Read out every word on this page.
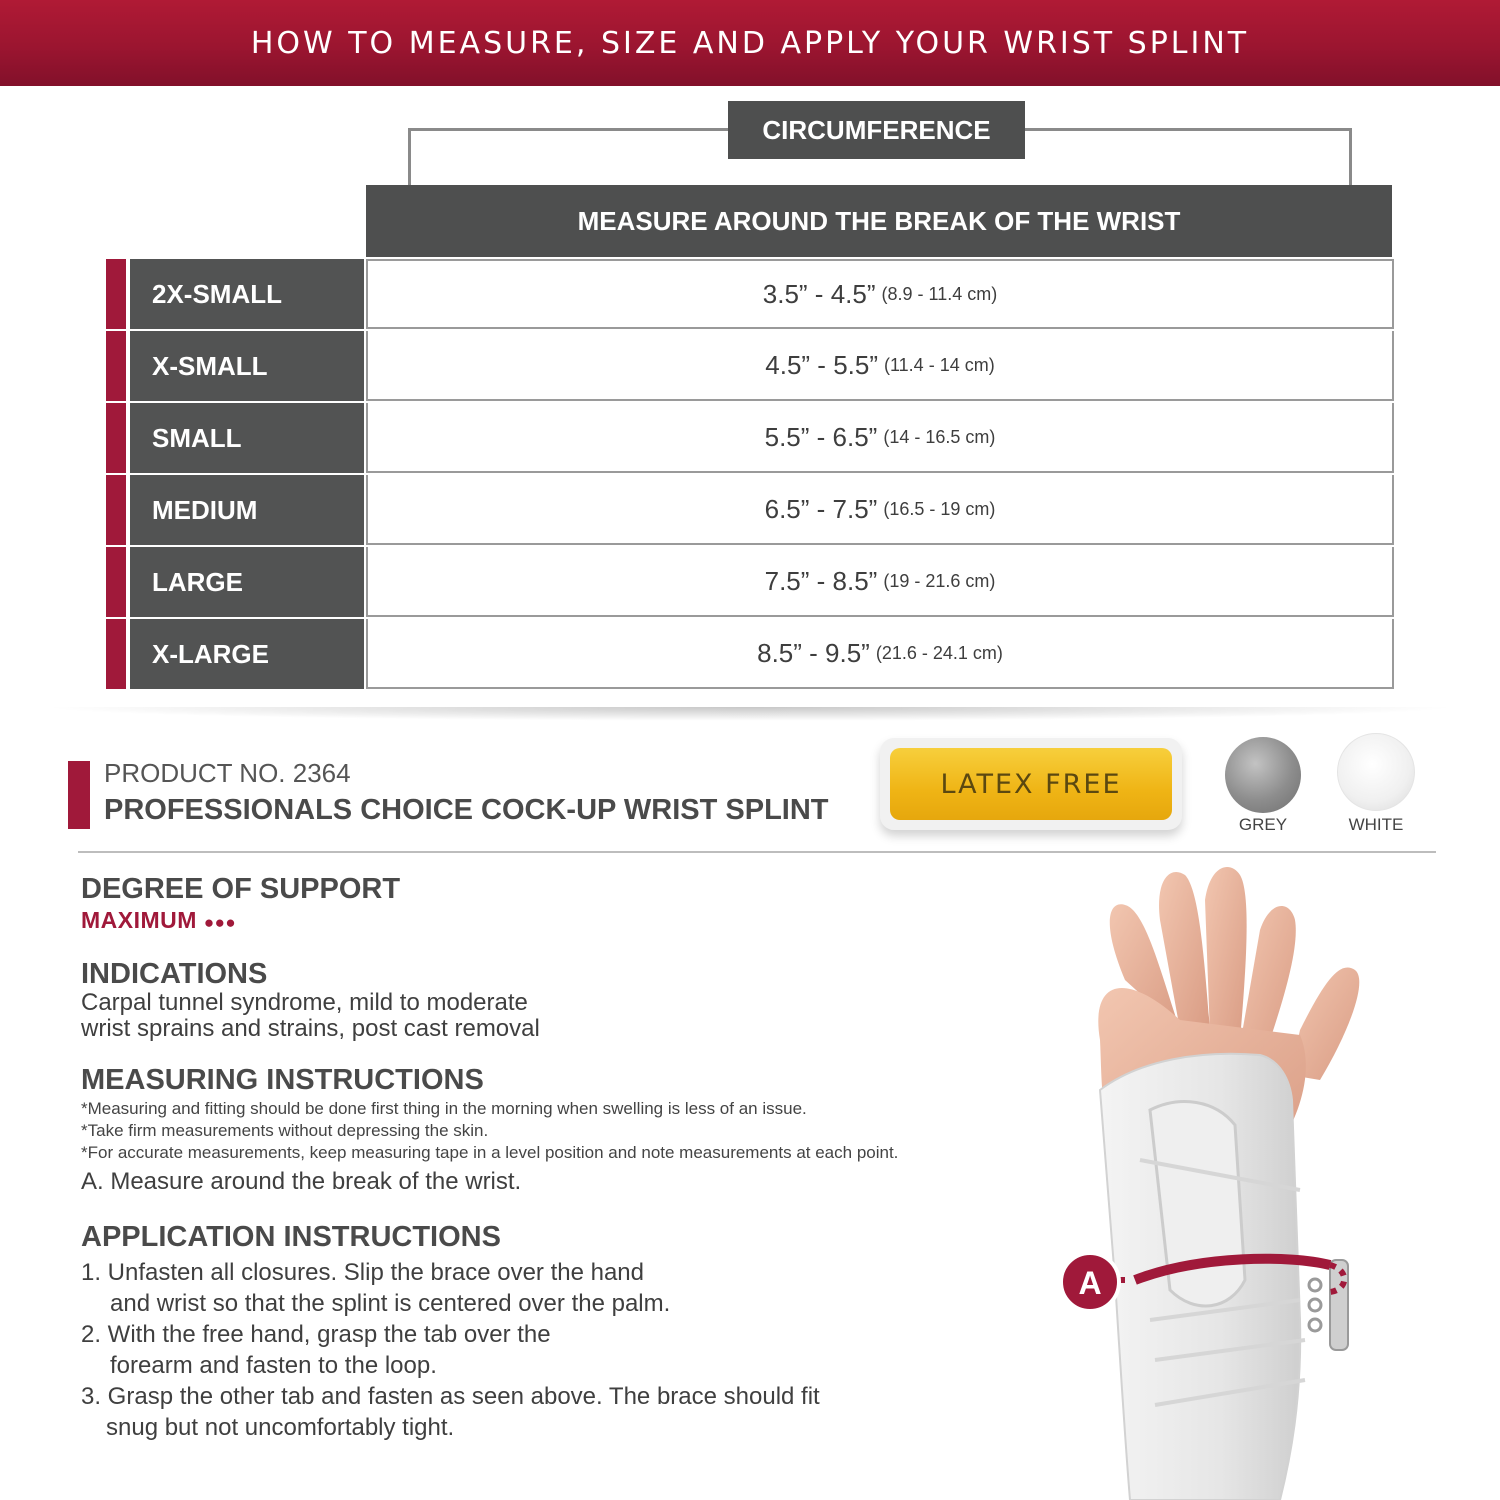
HOW TO MEASURE, SIZE AND APPLY YOUR WRIST SPLINT
CIRCUMFERENCE
MEASURE AROUND THE BREAK OF THE WRIST
2X-SMALL	3.5” - 4.5” (8.9 - 11.4 cm)
X-SMALL	4.5” - 5.5” (11.4 - 14 cm)
SMALL	5.5” - 6.5” (14 - 16.5 cm)
MEDIUM	6.5” - 7.5” (16.5 - 19 cm)
LARGE	7.5” - 8.5” (19 - 21.6 cm)
X-LARGE	8.5” - 9.5” (21.6 - 24.1 cm)
PRODUCT NO. 2364
PROFESSIONALS CHOICE COCK-UP WRIST SPLINT
LATEX FREE
GREY	WHITE
DEGREE OF SUPPORT
MAXIMUM ●●●
INDICATIONS
Carpal tunnel syndrome, mild to moderate
wrist sprains and strains, post cast removal
MEASURING INSTRUCTIONS
*Measuring and fitting should be done first thing in the morning when swelling is less of an issue.
*Take firm measurements without depressing the skin.
*For accurate measurements, keep measuring tape in a level position and note measurements at each point.
A. Measure around the break of the wrist.
APPLICATION INSTRUCTIONS
1. Unfasten all closures. Slip the brace over the hand
and wrist so that the splint is centered over the palm.
2. With the free hand, grasp the tab over the
forearm and fasten to the loop.
3. Grasp the other tab and fasten as seen above. The brace should fit
snug but not uncomfortably tight.
A
